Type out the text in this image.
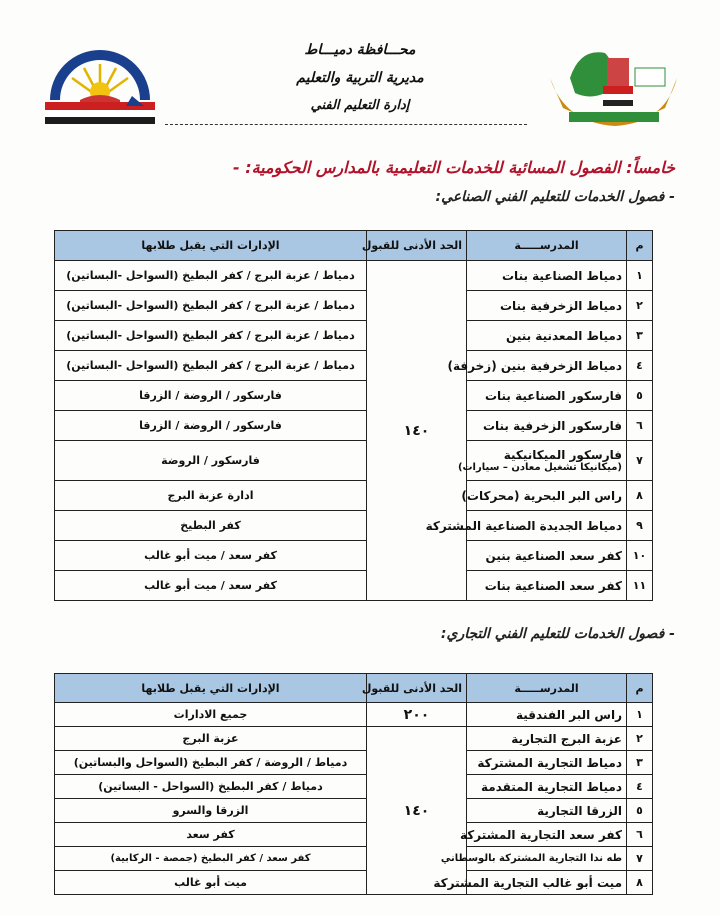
محـــافظة دميـــاط
مديرية التربية والتعليم
إدارة التعليم الفني
خامساً: الفصول المسائية للخدمات التعليمية بالمدارس الحكومية: -
- فصول الخدمات للتعليم الفني الصناعي:
م	المدرســـــة	الحد الأدنى للقبول	الإدارات التي يقبل طلابها
١	دمياط الصناعية بنات	١٤٠	دمياط / عزبة البرج / كفر البطيخ (السواحل -البساتين)
٢	دمياط الزخرفية بنات		دمياط / عزبة البرج / كفر البطيخ (السواحل -البساتين)
٣	دمياط المعدنية بنين		دمياط / عزبة البرج / كفر البطيخ (السواحل -البساتين)
٤	دمياط الزخرفية بنين (زخرفة)		دمياط / عزبة البرج / كفر البطيخ (السواحل -البساتين)
٥	فارسكور الصناعية بنات		فارسكور / الروضة / الزرقا
٦	فارسكور الزخرفية بنات		فارسكور / الروضة / الزرقا
٧	فارسكور الميكانيكية
(ميكانيكا تشغيل معادن – سيارات)		فارسكور / الروضة
٨	راس البر البحرية (محركات)		ادارة عزبة البرج
٩	دمياط الجديدة الصناعية المشتركة		كفر البطيخ
١٠	كفر سعد الصناعية بنين		كفر سعد / ميت أبو غالب
١١	كفر سعد الصناعية بنات		كفر سعد / ميت أبو غالب
- فصول الخدمات للتعليم الفني التجاري:
م	المدرســـــة	الحد الأدنى للقبول	الإدارات التي يقبل طلابها
١	راس البر الفندقية	٢٠٠	جميع الادارات
٢	عزبة البرج التجارية	١٤٠	عزبة البرج
٣	دمياط التجارية المشتركة		دمياط / الروضة / كفر البطيخ (السواحل والبساتين)
٤	دمياط التجارية المتقدمة		دمياط / كفر البطيخ (السواحل - البساتين)
٥	الزرقا التجارية		الزرقا والسرو
٦	كفر سعد التجارية المشتركة		كفر سعد
٧	طه ندا التجارية المشتركة بالوسطاني		كفر سعد / كفر البطيخ (جمصة - الركابية)
٨	ميت أبو غالب التجارية المشتركة		ميت أبو غالب
